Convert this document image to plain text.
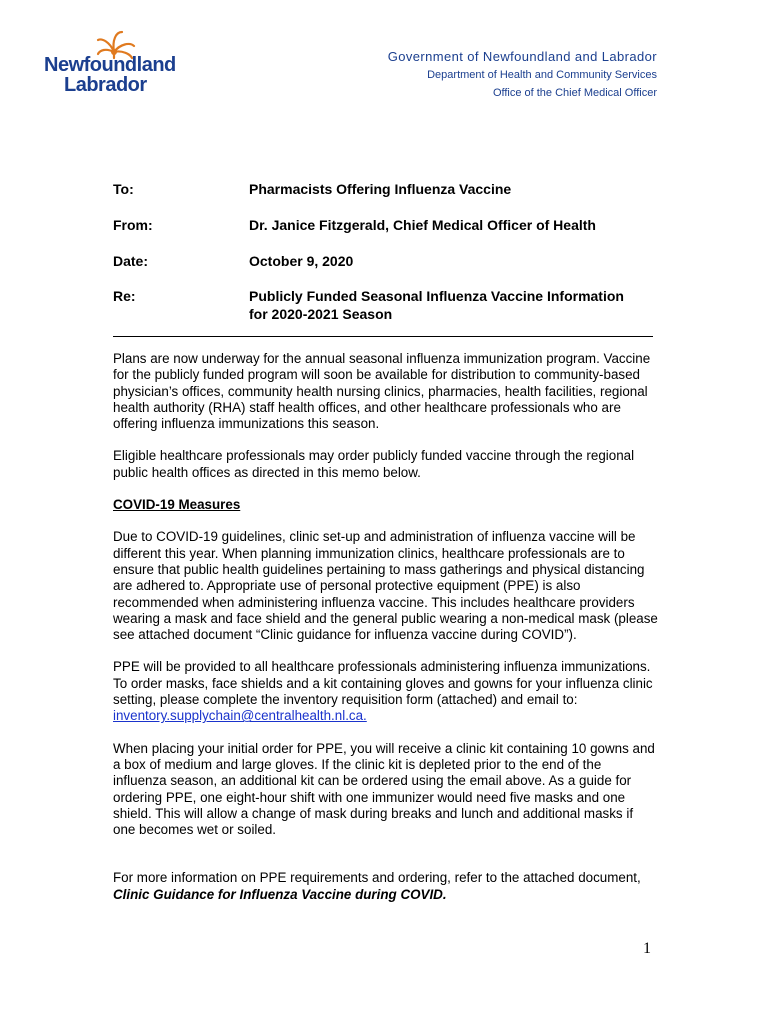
Newfoundland
Labrador
Government of Newfoundland and Labrador
Department of Health and Community Services
Office of the Chief Medical Officer
To:	Pharmacists Offering Influenza Vaccine
From:	Dr. Janice Fitzgerald, Chief Medical Officer of Health
Date:	October 9, 2020
Re:	Publicly Funded Seasonal Influenza Vaccine Information
for 2020-2021 Season

Plans are now underway for the annual seasonal influenza immunization program. Vaccine for the publicly funded program will soon be available for distribution to community-based physician’s offices, community health nursing clinics, pharmacies, health facilities, regional health authority (RHA) staff health offices, and other healthcare professionals who are offering influenza immunizations this season.

Eligible healthcare professionals may order publicly funded vaccine through the regional public health offices as directed in this memo below.

COVID-19 Measures

Due to COVID-19 guidelines, clinic set-up and administration of influenza vaccine will be different this year. When planning immunization clinics, healthcare professionals are to ensure that public health guidelines pertaining to mass gatherings and physical distancing are adhered to. Appropriate use of personal protective equipment (PPE) is also recommended when administering influenza vaccine. This includes healthcare providers wearing a mask and face shield and the general public wearing a non-medical mask (please see attached document “Clinic guidance for influenza vaccine during COVID”).

PPE will be provided to all healthcare professionals administering influenza immunizations. To order masks, face shields and a kit containing gloves and gowns for your influenza clinic setting, please complete the inventory requisition form (attached) and email to: inventory.supplychain@centralhealth.nl.ca.

When placing your initial order for PPE, you will receive a clinic kit containing 10 gowns and a box of medium and large gloves. If the clinic kit is depleted prior to the end of the influenza season, an additional kit can be ordered using the email above. As a guide for ordering PPE, one eight-hour shift with one immunizer would need five masks and one shield. This will allow a change of mask during breaks and lunch and additional masks if one becomes wet or soiled.

For more information on PPE requirements and ordering, refer to the attached document, Clinic Guidance for Influenza Vaccine during COVID.

1
